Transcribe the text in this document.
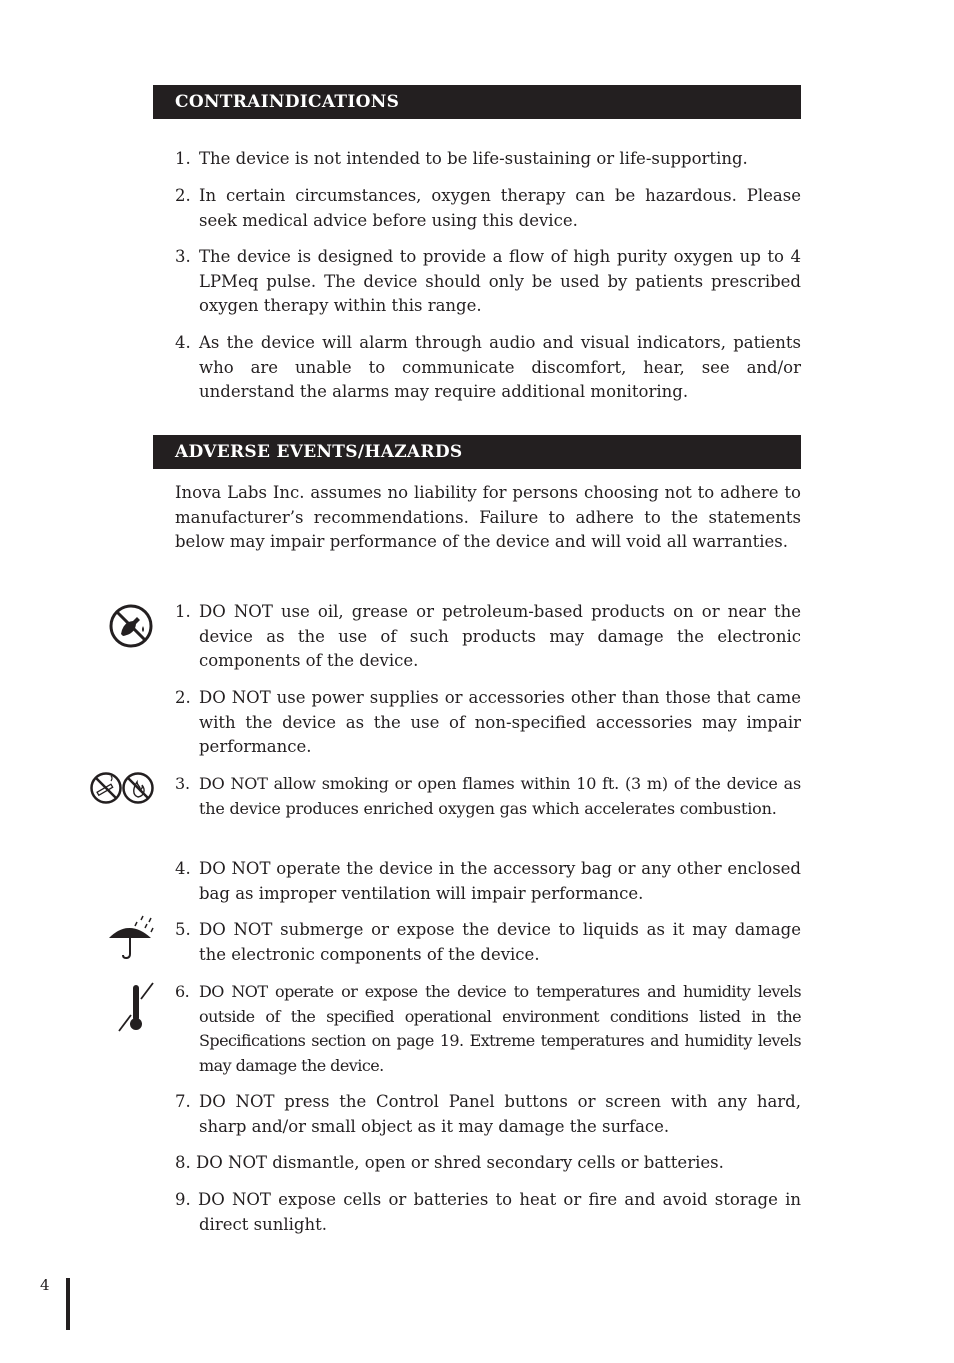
CONTRAINDICATIONS
1. The device is not intended to be life-sustaining or life-supporting.
2. In certain circumstances, oxygen therapy can be hazardous. Please seek medical advice before using this device.
3. The device is designed to provide a flow of high purity oxygen up to 4 LPMeq pulse. The device should only be used by patients prescribed oxygen therapy within this range.
4. As the device will alarm through audio and visual indicators, patients who are unable to communicate discomfort, hear, see and/or understand the alarms may require additional monitoring.
ADVERSE EVENTS/HAZARDS
Inova Labs Inc. assumes no liability for persons choosing not to adhere to manufacturer’s recommendations. Failure to adhere to the statements below may impair performance of the device and will void all warranties.
1. DO NOT use oil, grease or petroleum-based products on or near the device as the use of such products may damage the electronic components of the device.
2. DO NOT use power supplies or accessories other than those that came with the device as the use of non-specified accessories may impair performance.
3. DO NOT allow smoking or open flames within 10 ft. (3 m) of the device as the device produces enriched oxygen gas which accelerates combustion.
4. DO NOT operate the device in the accessory bag or any other enclosed bag as improper ventilation will impair performance.
5. DO NOT submerge or expose the device to liquids as it may damage the electronic components of the device.
6. DO NOT operate or expose the device to temperatures and humidity levels outside of the specified operational environment conditions listed in the Specifications section on page 19. Extreme temperatures and humidity levels may damage the device.
7. DO NOT press the Control Panel buttons or screen with any hard, sharp and/or small object as it may damage the surface.
8. DO NOT dismantle, open or shred secondary cells or batteries.
9. DO NOT expose cells or batteries to heat or fire and avoid storage in direct sunlight.
4
